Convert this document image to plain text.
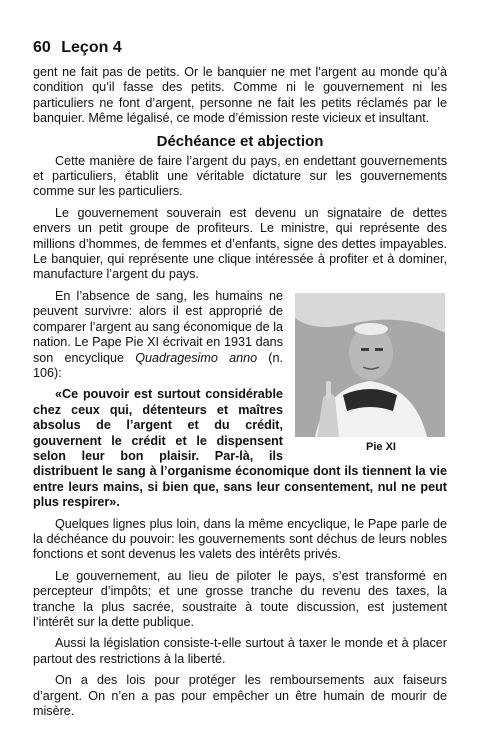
60 Leçon 4

gent ne fait pas de petits. Or le banquier ne met l’argent au monde qu’à condition qu’il fasse des petits. Comme ni le gouvernement ni les particuliers ne font d’argent, personne ne fait les petits réclamés par le banquier. Même légalisé, ce mode d’émission reste vicieux et insultant.

Déchéance et abjection

Cette manière de faire l’argent du pays, en endettant gouvernements et particuliers, établit une véritable dictature sur les gouvernements comme sur les particuliers.

Le gouvernement souverain est devenu un signataire de dettes envers un petit groupe de profiteurs. Le ministre, qui représente des millions d’hommes, de femmes et d’enfants, signe des dettes impayables. Le banquier, qui représente une clique intéressée à profiter et à dominer, manufacture l’argent du pays.

Pie XI
En l’absence de sang, les humains ne peuvent survivre: alors il est approprié de comparer l’argent au sang économique de la nation. Le Pape Pie XI écrivait en 1931 dans son encyclique Quadragesimo anno (n. 106):

«Ce pouvoir est surtout considérable chez ceux qui, détenteurs et maîtres absolus de l’argent et du crédit, gouvernent le crédit et le dispensent selon leur bon plaisir. Par-là, ils distribuent le sang à l’organisme économique dont ils tiennent la vie entre leurs mains, si bien que, sans leur consentement, nul ne peut plus respirer».

Quelques lignes plus loin, dans la même encyclique, le Pape parle de la déchéance du pouvoir: les gouvernements sont déchus de leurs nobles fonctions et sont devenus les valets des intérêts privés.

Le gouvernement, au lieu de piloter le pays, s’est transformé en percepteur d’impôts; et une grosse tranche du revenu des taxes, la tranche la plus sacrée, soustraite à toute discussion, est justement l’intérêt sur la dette publique.

Aussi la législation consiste-t-elle surtout à taxer le monde et à placer partout des restrictions à la liberté.

On a des lois pour protéger les remboursements aux faiseurs d’argent. On n’en a pas pour empêcher un être humain de mourir de misère.
